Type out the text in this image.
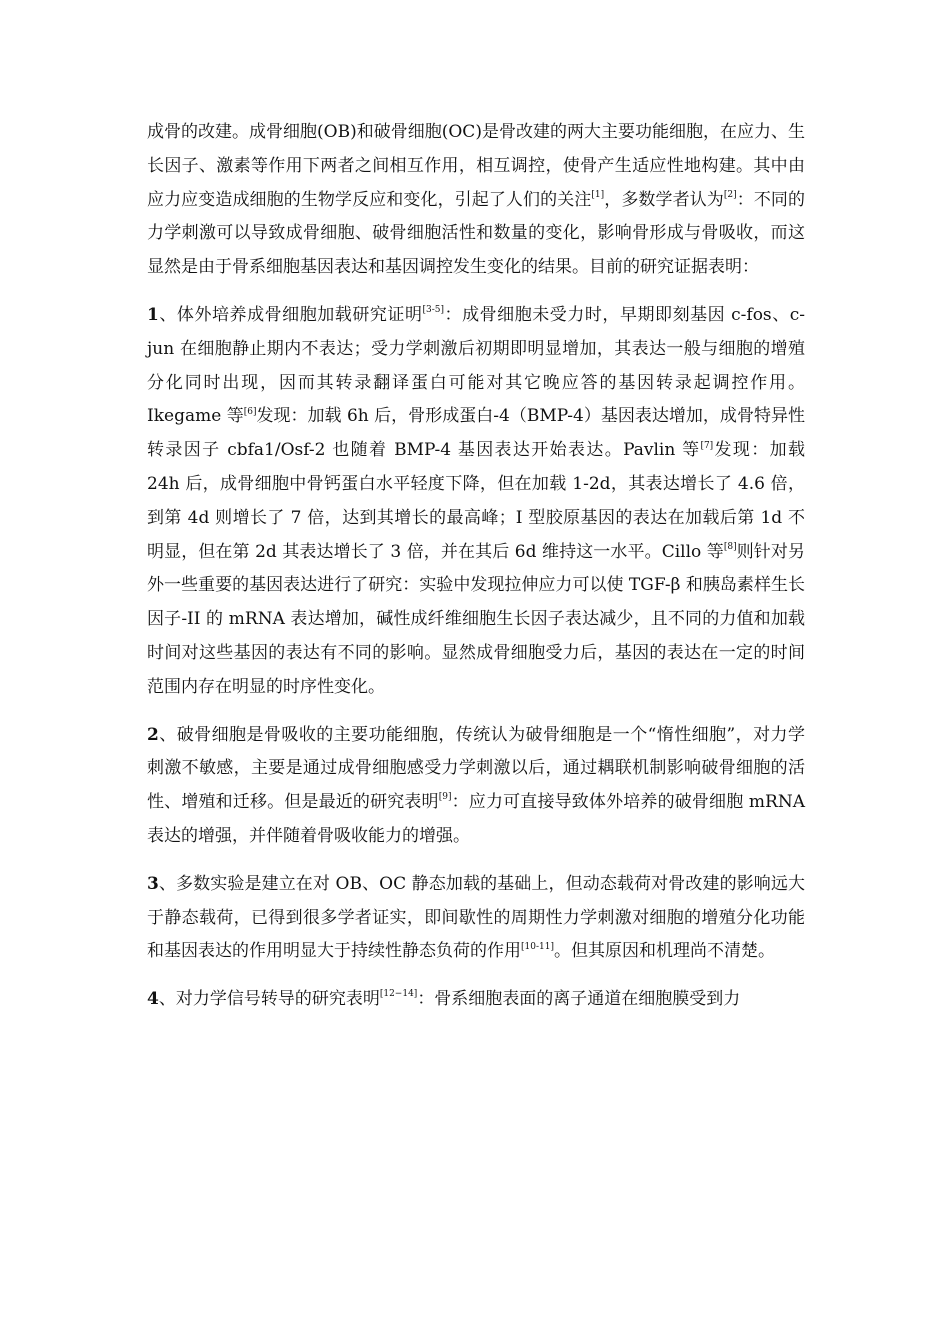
成骨的改建。成骨细胞(OB)和破骨细胞(OC)是骨改建的两大主要功能细胞，在应力、生长因子、激素等作用下两者之间相互作用，相互调控，使骨产生适应性地构建。其中由应力应变造成细胞的生物学反应和变化，引起了人们的关注[1]，多数学者认为[2]：不同的力学刺激可以导致成骨细胞、破骨细胞活性和数量的变化，影响骨形成与骨吸收，而这显然是由于骨系细胞基因表达和基因调控发生变化的结果。目前的研究证据表明：

1、体外培养成骨细胞加载研究证明[3-5]：成骨细胞未受力时，早期即刻基因 c-fos、c-jun 在细胞静止期内不表达；受力学刺激后初期即明显增加，其表达一般与细胞的增殖分化同时出现，因而其转录翻译蛋白可能对其它晚应答的基因转录起调控作用。Ikegame 等[6]发现：加载 6h 后，骨形成蛋白-4（BMP-4）基因表达增加，成骨特异性转录因子 cbfa1/Osf-2 也随着 BMP-4 基因表达开始表达。Pavlin 等[7]发现：加载 24h 后，成骨细胞中骨钙蛋白水平轻度下降，但在加载 1-2d，其表达增长了 4.6 倍，到第 4d 则增长了 7 倍，达到其增长的最高峰；I 型胶原基因的表达在加载后第 1d 不明显，但在第 2d 其表达增长了 3 倍，并在其后 6d 维持这一水平。Cillo 等[8]则针对另外一些重要的基因表达进行了研究：实验中发现拉伸应力可以使 TGF-β 和胰岛素样生长因子-II 的 mRNA 表达增加，碱性成纤维细胞生长因子表达减少，且不同的力值和加载时间对这些基因的表达有不同的影响。显然成骨细胞受力后，基因的表达在一定的时间范围内存在明显的时序性变化。

2、破骨细胞是骨吸收的主要功能细胞，传统认为破骨细胞是一个“惰性细胞”，对力学刺激不敏感，主要是通过成骨细胞感受力学刺激以后，通过耦联机制影响破骨细胞的活性、增殖和迁移。但是最近的研究表明[9]：应力可直接导致体外培养的破骨细胞 mRNA 表达的增强，并伴随着骨吸收能力的增强。

3、多数实验是建立在对 OB、OC 静态加载的基础上，但动态载荷对骨改建的影响远大于静态载荷，已得到很多学者证实，即间歇性的周期性力学刺激对细胞的增殖分化功能和基因表达的作用明显大于持续性静态负荷的作用[10-11]。但其原因和机理尚不清楚。

4、对力学信号转导的研究表明[12−14]：骨系细胞表面的离子通道在细胞膜受到力
